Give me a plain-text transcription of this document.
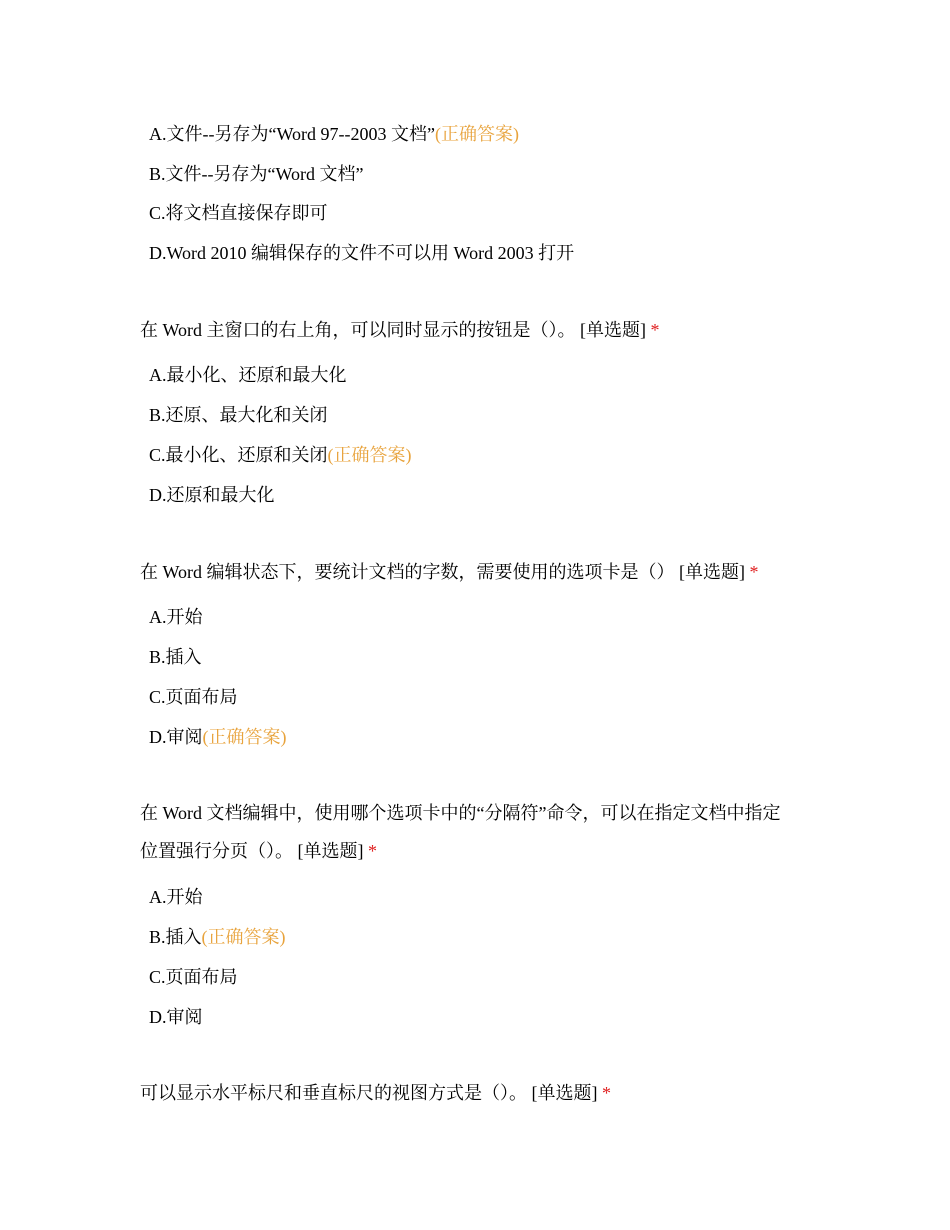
A.文件--另存为“Word 97--2003 文档”(正确答案)
B.文件--另存为“Word 文档”
C.将文档直接保存即可
D.Word 2010 编辑保存的文件不可以用 Word 2003 打开
在 Word 主窗口的右上角，可以同时显示的按钮是（）。 [单选题] *
A.最小化、还原和最大化
B.还原、最大化和关闭
C.最小化、还原和关闭(正确答案)
D.还原和最大化
在 Word 编辑状态下，要统计文档的字数，需要使用的选项卡是（） [单选题] *
A.开始
B.插入
C.页面布局
D.审阅(正确答案)
在 Word 文档编辑中，使用哪个选项卡中的“分隔符”命令，可以在指定文档中指定
位置强行分页（）。 [单选题] *
A.开始
B.插入(正确答案)
C.页面布局
D.审阅
可以显示水平标尺和垂直标尺的视图方式是（）。 [单选题] *
